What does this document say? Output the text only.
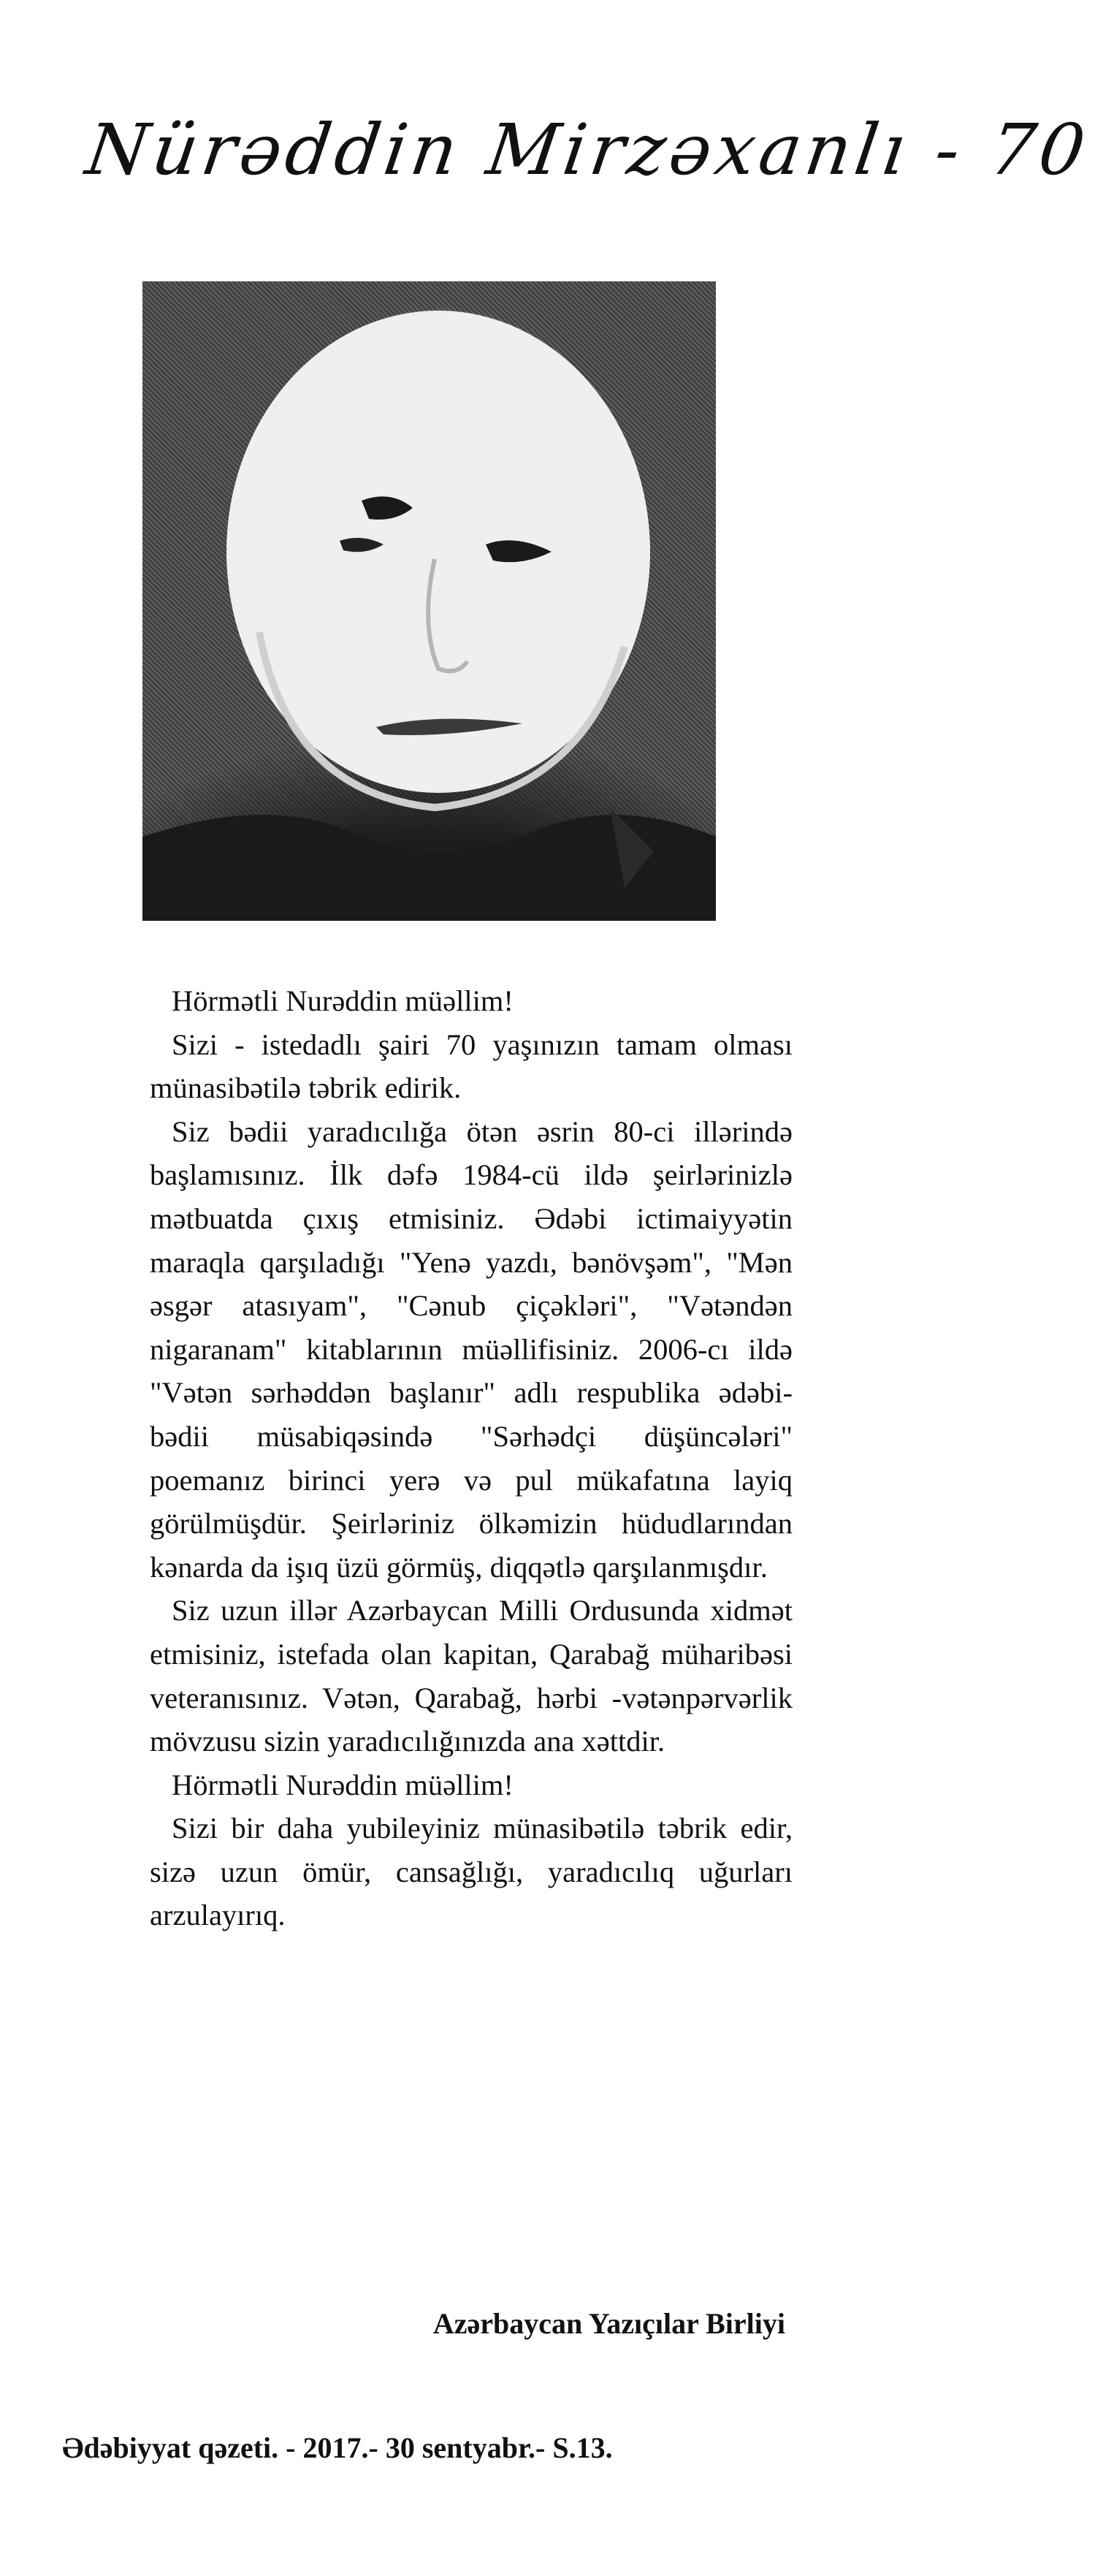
Nürəddin Mirzəxanlı - 70

Hörmətli Nurəddin müəllim!

Sizi - istedadlı şairi 70 yaşınızın tamam olması münasibətilə təbrik edirik.

Siz bədii yaradıcılığa ötən əsrin 80-ci illərində başlamısınız. İlk dəfə 1984-cü ildə şeirlərinizlə mətbuatda çıxış etmisiniz. Ədəbi ictimaiyyətin maraqla qarşıladığı "Yenə yazdı, bənövşəm", "Mən əsgər atasıyam", "Cənub çiçəkləri", "Vətəndən nigaranam" kitablarının müəllifisiniz. 2006-cı ildə "Vətən sərhəddən başlanır" adlı respublika ədəbi-bədii müsabiqəsində "Sərhədçi düşüncələri" poemanız birinci yerə və pul mükafatına layiq görülmüşdür. Şeirləriniz ölkəmizin hüdudlarından kənarda da işıq üzü görmüş, diqqətlə qarşılanmışdır.

Siz uzun illər Azərbaycan Milli Ordusunda xidmət etmisiniz, istefada olan kapitan, Qarabağ müharibəsi veteranısınız. Vətən, Qarabağ, hərbi -vətənpərvərlik mövzusu sizin yaradıcılığınızda ana xəttdir.

Hörmətli Nurəddin müəllim!

Sizi bir daha yubileyiniz münasibətilə təbrik edir, sizə uzun ömür, cansağlığı, yaradıcılıq uğurları arzulayırıq.

Azərbaycan Yazıçılar Birliyi
Ədəbiyyat qəzeti. - 2017.- 30 sentyabr.- S.13.
